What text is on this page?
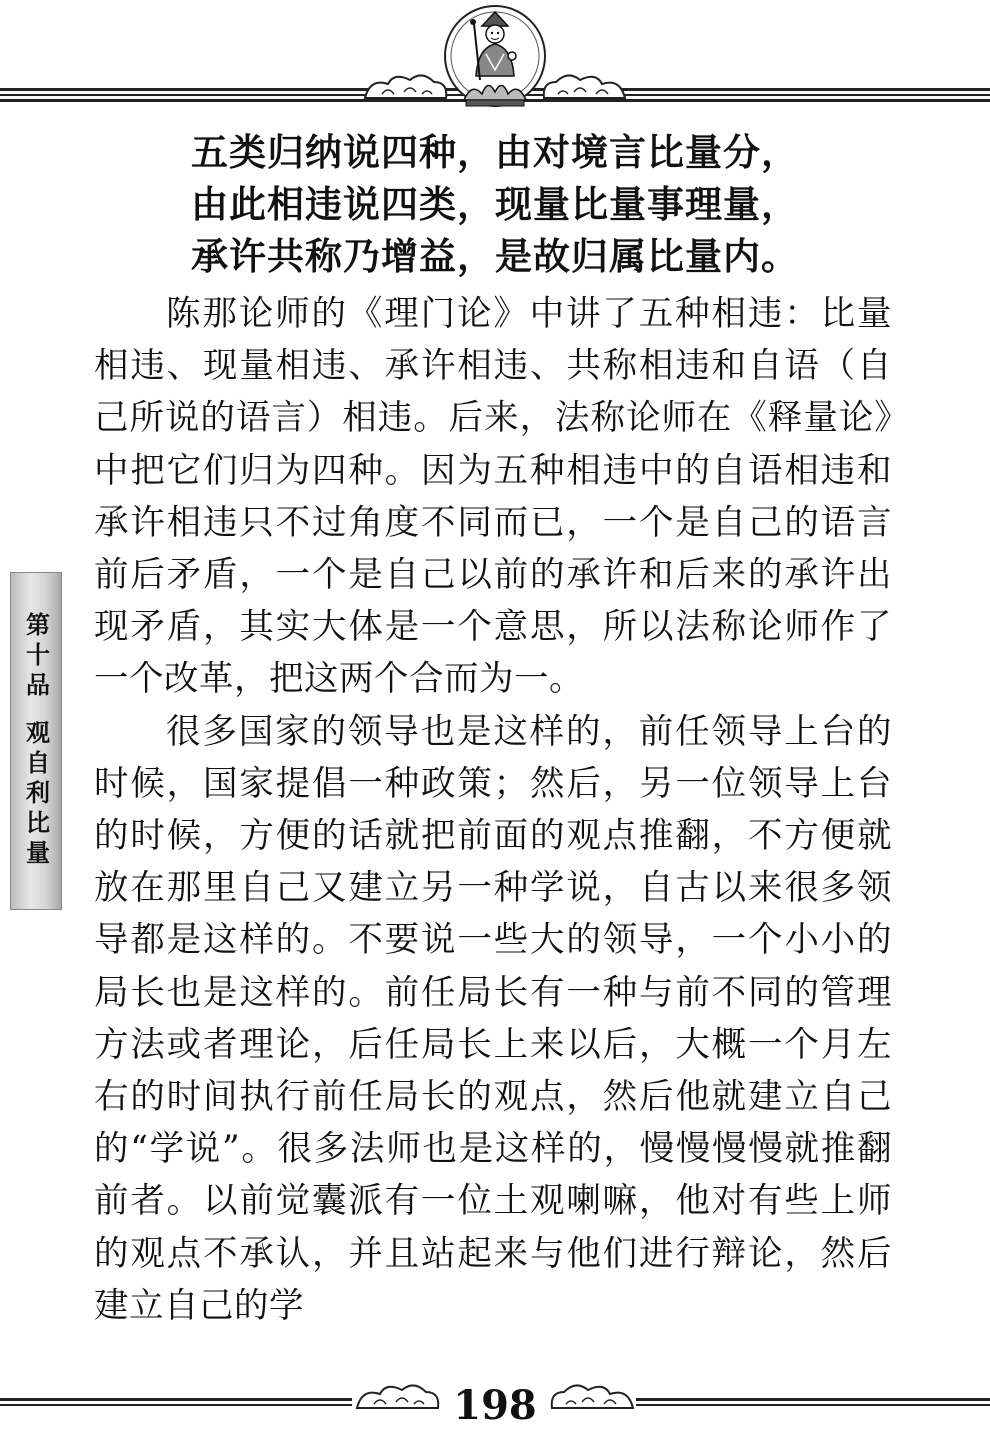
五类归纳说四种，由对境言比量分，
由此相违说四类，现量比量事理量，
承许共称乃增益，是故归属比量内。

陈那论师的《理门论》中讲了五种相违：比量相违、现量相违、承许相违、共称相违和自语（自己所说的语言）相违。后来，法称论师在《释量论》中把它们归为四种。因为五种相违中的自语相违和承许相违只不过角度不同而已，一个是自己的语言前后矛盾，一个是自己以前的承许和后来的承许出现矛盾，其实大体是一个意思，所以法称论师作了一个改革，把这两个合而为一。

很多国家的领导也是这样的，前任领导上台的时候，国家提倡一种政策；然后，另一位领导上台的时候，方便的话就把前面的观点推翻，不方便就放在那里自己又建立另一种学说，自古以来很多领导都是这样的。不要说一些大的领导，一个小小的局长也是这样的。前任局长有一种与前不同的管理方法或者理论，后任局长上来以后，大概一个月左右的时间执行前任局长的观点，然后他就建立自己的“学说”。很多法师也是这样的，慢慢慢慢就推翻前者。以前觉囊派有一位土观喇嘛，他对有些上师的观点不承认，并且站起来与他们进行辩论，然后建立自己的学

第十品
观自利比量
198
